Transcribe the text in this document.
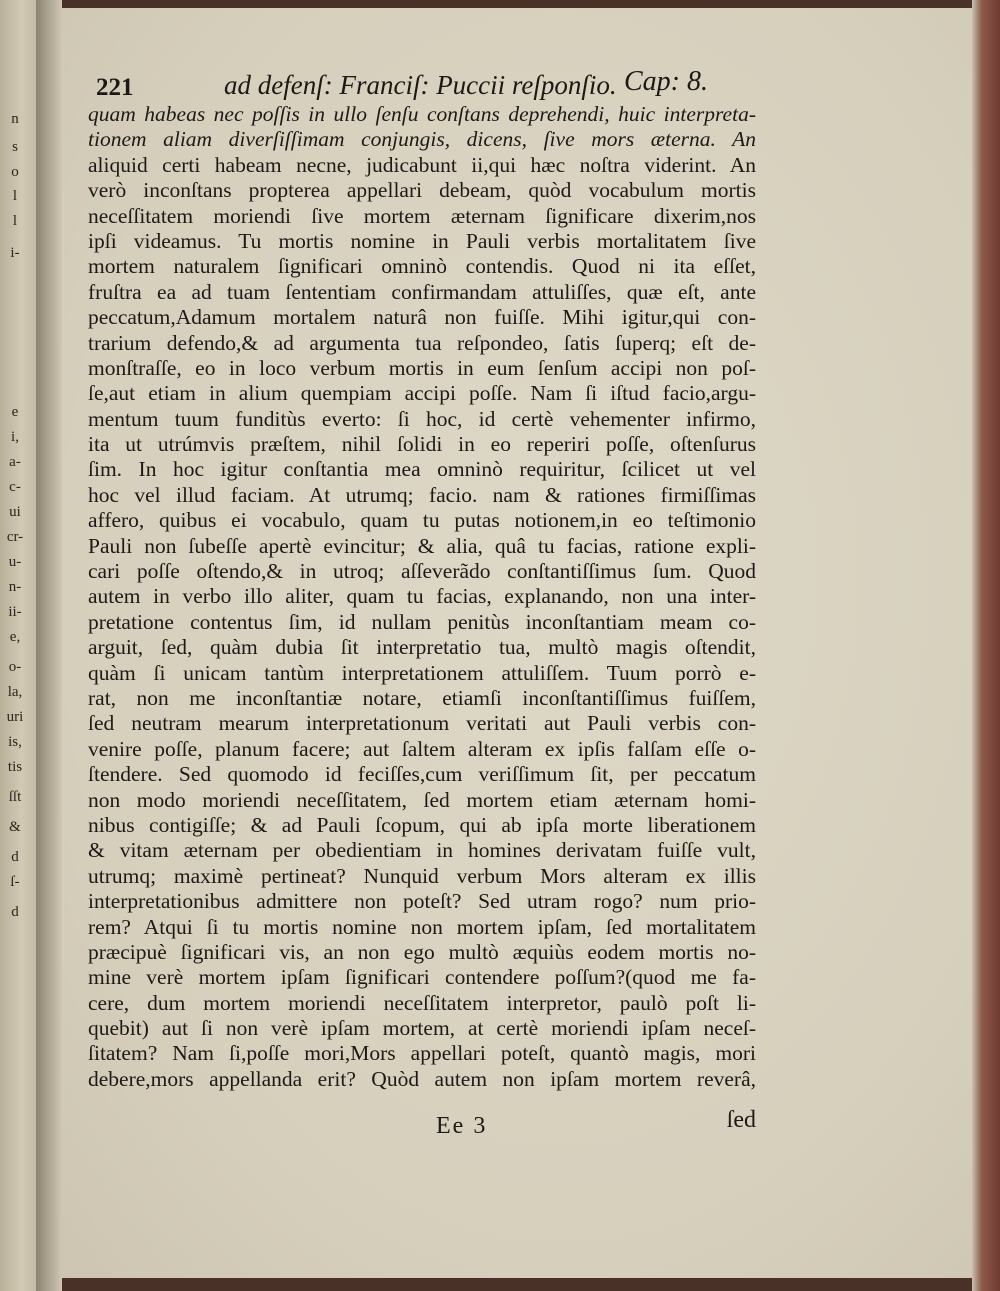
n
s
o
l
l
i-
e
i,
a-
c-
ui
cr-
u-
n-
ii-
e,
o-
la,
uri
is,
tis
ſſt
&
d
ſ-
d
221	ad defenſ: Franciſ: Puccii reſponſio. Cap: 8.
quam habeas nec poſſis in ullo ſenſu conſtans deprehendi, huic interpreta-
tionem aliam diverſiſſimam conjungis, dicens, ſive mors æterna. An
aliquid certi habeam necne, judicabunt ii,qui hæc noſtra viderint. An
verò inconſtans propterea appellari debeam, quòd vocabulum mortis
neceſſitatem moriendi ſive mortem æternam ſignificare dixerim,nos
ipſi videamus. Tu mortis nomine in Pauli verbis mortalitatem ſive
mortem naturalem ſignificari omninò contendis. Quod ni ita eſſet,
fruſtra ea ad tuam ſententiam confirmandam attuliſſes, quæ eſt, ante
peccatum,Adamum mortalem naturâ non fuiſſe. Mihi igitur,qui con-
trarium defendo,& ad argumenta tua reſpondeo, ſatis ſuperq; eſt de-
monſtraſſe, eo in loco verbum mortis in eum ſenſum accipi non poſ-
ſe,aut etiam in alium quempiam accipi poſſe. Nam ſi iſtud facio,argu-
mentum tuum funditùs everto: ſi hoc, id certè vehementer infirmo,
ita ut utrúmvis præſtem, nihil ſolidi in eo reperiri poſſe, oſtenſurus
ſim. In hoc igitur conſtantia mea omninò requiritur, ſcilicet ut vel
hoc vel illud faciam. At utrumq; facio. nam & rationes firmiſſimas
affero, quibus ei vocabulo, quam tu putas notionem,in eo teſtimonio
Pauli non ſubeſſe apertè evincitur; & alia, quâ tu facias, ratione expli-
cari poſſe oſtendo,& in utroq; aſſeverãdo conſtantiſſimus ſum. Quod
autem in verbo illo aliter, quam tu facias, explanando, non una inter-
pretatione contentus ſim, id nullam penitùs inconſtantiam meam co-
arguit, ſed, quàm dubia ſit interpretatio tua, multò magis oſtendit,
quàm ſi unicam tantùm interpretationem attuliſſem. Tuum porrò e-
rat, non me inconſtantiæ notare, etiamſi inconſtantiſſimus fuiſſem,
ſed neutram mearum interpretationum veritati aut Pauli verbis con-
venire poſſe, planum facere; aut ſaltem alteram ex ipſis falſam eſſe o-
ſtendere. Sed quomodo id feciſſes,cum veriſſimum ſit, per peccatum
non modo moriendi neceſſitatem, ſed mortem etiam æternam homi-
nibus contigiſſe; & ad Pauli ſcopum, qui ab ipſa morte liberationem
& vitam æternam per obedientiam in homines derivatam fuiſſe vult,
utrumq; maximè pertineat? Nunquid verbum Mors alteram ex illis
interpretationibus admittere non poteſt? Sed utram rogo? num prio-
rem? Atqui ſi tu mortis nomine non mortem ipſam, ſed mortalitatem
præcipuè ſignificari vis, an non ego multò æquiùs eodem mortis no-
mine verè mortem ipſam ſignificari contendere poſſum?(quod me fa-
cere, dum mortem moriendi neceſſitatem interpretor, paulò poſt li-
quebit) aut ſi non verè ipſam mortem, at certè moriendi ipſam neceſ-
ſitatem? Nam ſi,poſſe mori,Mors appellari poteſt, quantò magis, mori
debere,mors appellanda erit? Quòd autem non ipſam mortem reverâ,
Ee 3	ſed
